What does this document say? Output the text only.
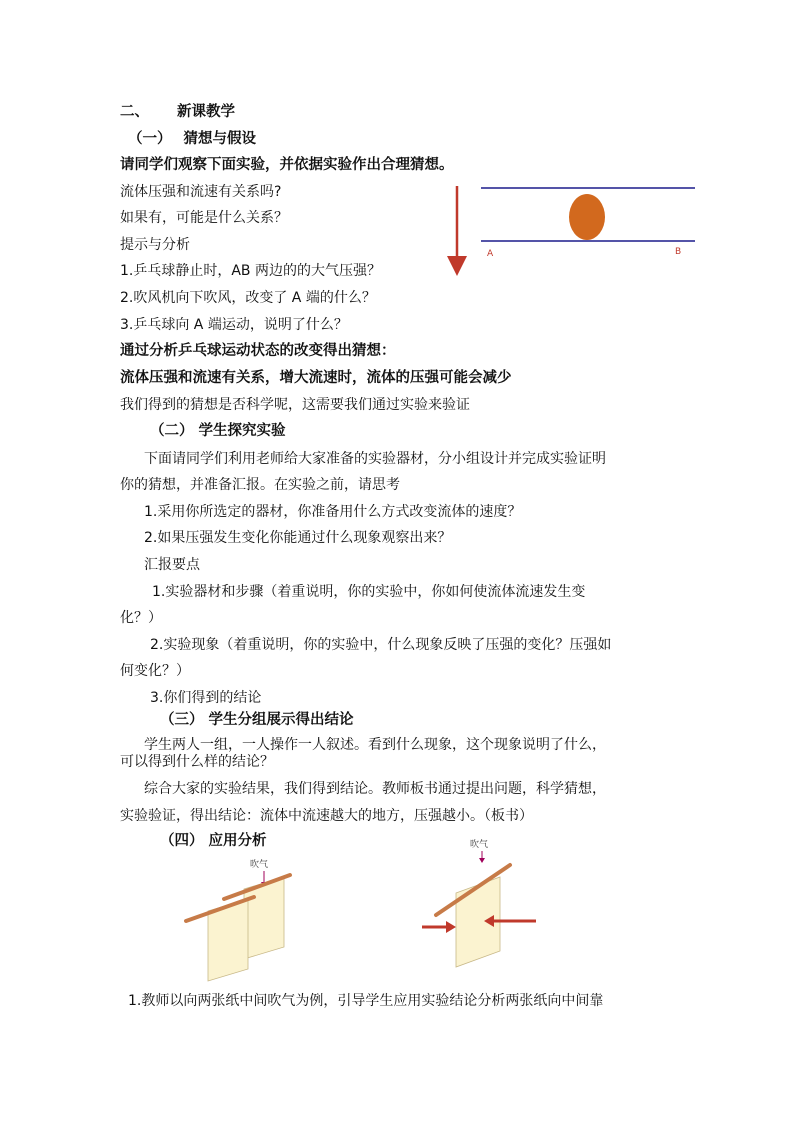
二、 新课教学
（一） 猜想与假设
请同学们观察下面实验，并依据实验作出合理猜想。
流体压强和流速有关系吗?
如果有，可能是什么关系？
提示与分析
1.乒乓球静止时，AB 两边的的大气压强？
2.吹风机向下吹风，改变了 A 端的什么？
3.乒乓球向 A 端运动，说明了什么？
A	B
通过分析乒乓球运动状态的改变得出猜想：
流体压强和流速有关系，增大流速时，流体的压强可能会减少
我们得到的猜想是否科学呢，这需要我们通过实验来验证
（二） 学生探究实验
下面请同学们利用老师给大家准备的实验器材，分小组设计并完成实验证明
你的猜想，并准备汇报。在实验之前，请思考
1.采用你所选定的器材，你准备用什么方式改变流体的速度？
2.如果压强发生变化你能通过什么现象观察出来？
汇报要点
1.实验器材和步骤（着重说明，你的实验中，你如何使流体流速发生变
化？）
2.实验现象（着重说明，你的实验中，什么现象反映了压强的变化？压强如
何变化？）
3.你们得到的结论
（三） 学生分组展示得出结论
学生两人一组，一人操作一人叙述。看到什么现象，这个现象说明了什么，
可以得到什么样的结论？
综合大家的实验结果，我们得到结论。教师板书通过提出问题，科学猜想，
实验验证，得出结论：流体中流速越大的地方，压强越小。（板书）
（四） 应用分析
吹气
吹气
1.教师以向两张纸中间吹气为例，引导学生应用实验结论分析两张纸向中间靠
